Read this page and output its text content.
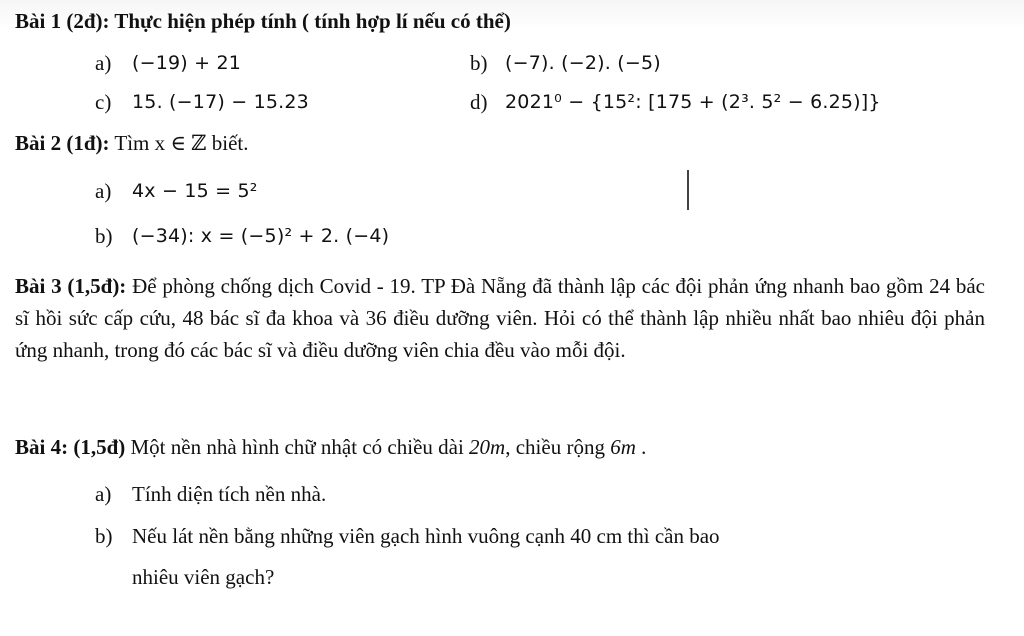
Bài 1 (2đ): Thực hiện phép tính ( tính hợp lí nếu có thể)
a) (−19) + 21	b) (−7). (−2). (−5)
c) 15. (−17) − 15.23	d) 2021⁰ − {15²: [175 + (2³. 5² − 6.25)]}
Bài 2 (1đ): Tìm x ∈ ℤ biết.
a) 4x − 15 = 5²
b) (−34): x = (−5)² + 2. (−4)
Bài 3 (1,5đ): Để phòng chống dịch Covid - 19. TP Đà Nẵng đã thành lập các đội phản ứng nhanh bao gồm 24 bác sĩ hồi sức cấp cứu, 48 bác sĩ đa khoa và 36 điều dưỡng viên. Hỏi có thể thành lập nhiều nhất bao nhiêu đội phản ứng nhanh, trong đó các bác sĩ và điều dưỡng viên chia đều vào mỗi đội.
Bài 4: (1,5đ) Một nền nhà hình chữ nhật có chiều dài 20m, chiều rộng 6m .
a) Tính diện tích nền nhà.
b) Nếu lát nền bằng những viên gạch hình vuông cạnh 40 cm thì cần bao
nhiêu viên gạch?
